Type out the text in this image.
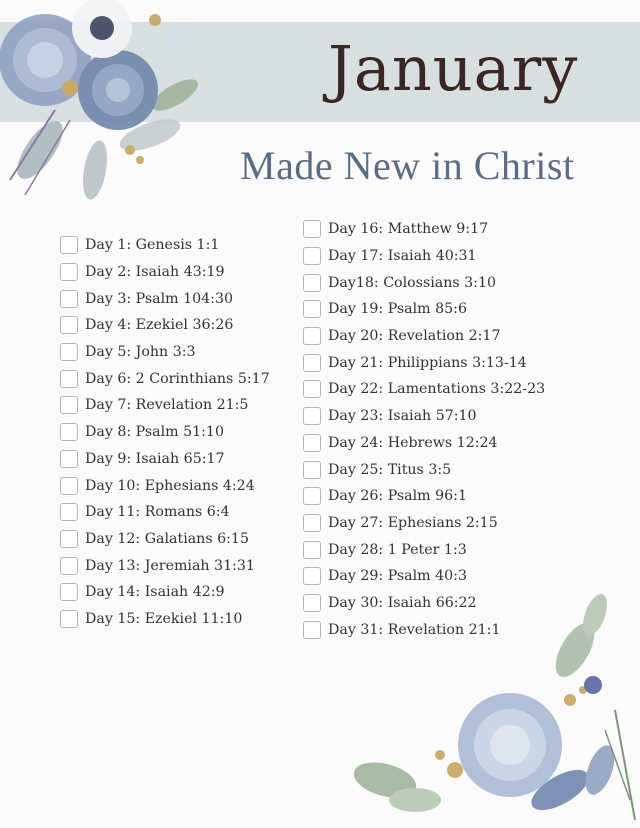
January
Made New in Christ
Day 1: Genesis 1:1
Day 2: Isaiah 43:19
Day 3: Psalm 104:30
Day 4: Ezekiel 36:26
Day 5: John 3:3
Day 6: 2 Corinthians 5:17
Day 7: Revelation 21:5
Day 8: Psalm 51:10
Day 9: Isaiah 65:17
Day 10: Ephesians 4:24
Day 11: Romans 6:4
Day 12: Galatians 6:15
Day 13: Jeremiah 31:31
Day 14: Isaiah 42:9
Day 15: Ezekiel 11:10
Day 16: Matthew 9:17
Day 17: Isaiah 40:31
Day18: Colossians 3:10
Day 19: Psalm 85:6
Day 20: Revelation 2:17
Day 21: Philippians 3:13-14
Day 22: Lamentations 3:22-23
Day 23: Isaiah 57:10
Day 24: Hebrews 12:24
Day 25: Titus 3:5
Day 26: Psalm 96:1
Day 27: Ephesians 2:15
Day 28: 1 Peter 1:3
Day 29: Psalm 40:3
Day 30: Isaiah 66:22
Day 31: Revelation 21:1
